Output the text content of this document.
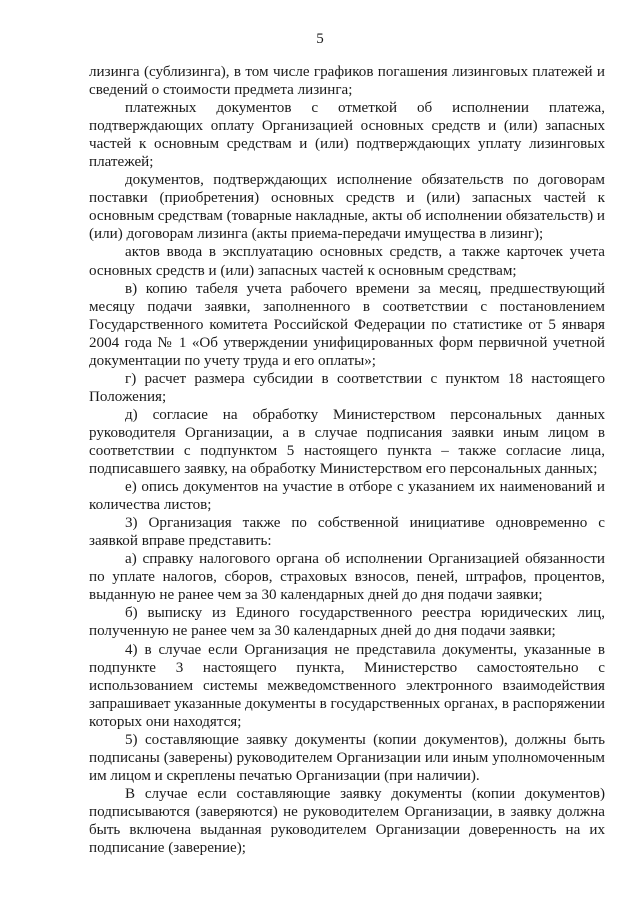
5

лизинга (сублизинга), в том числе графиков погашения лизинговых платежей и сведений о стоимости предмета лизинга;

платежных документов с отметкой об исполнении платежа, подтверждающих оплату Организацией основных средств и (или) запасных частей к основным средствам и (или) подтверждающих уплату лизинговых платежей;

документов, подтверждающих исполнение обязательств по договорам поставки (приобретения) основных средств и (или) запасных частей к основным средствам (товарные накладные, акты об исполнении обязательств) и (или) договорам лизинга (акты приема-передачи имущества в лизинг);

актов ввода в эксплуатацию основных средств, а также карточек учета основных средств и (или) запасных частей к основным средствам;

в) копию табеля учета рабочего времени за месяц, предшествующий месяцу подачи заявки, заполненного в соответствии с постановлением Государственного комитета Российской Федерации по статистике от 5 января 2004 года № 1 «Об утверждении унифицированных форм первичной учетной документации по учету труда и его оплаты»;

г) расчет размера субсидии в соответствии с пунктом 18 настоящего Положения;

д) согласие на обработку Министерством персональных данных руководителя Организации, а в случае подписания заявки иным лицом в соответствии с подпунктом 5 настоящего пункта – также согласие лица, подписавшего заявку, на обработку Министерством его персональных данных;

е) опись документов на участие в отборе с указанием их наименований и количества листов;

3) Организация также по собственной инициативе одновременно с заявкой вправе представить:

а) справку налогового органа об исполнении Организацией обязанности по уплате налогов, сборов, страховых взносов, пеней, штрафов, процентов, выданную не ранее чем за 30 календарных дней до дня подачи заявки;

б) выписку из Единого государственного реестра юридических лиц, полученную не ранее чем за 30 календарных дней до дня подачи заявки;

4) в случае если Организация не представила документы, указанные в подпункте 3 настоящего пункта, Министерство самостоятельно с использованием системы межведомственного электронного взаимодействия запрашивает указанные документы в государственных органах, в распоряжении которых они находятся;

5) составляющие заявку документы (копии документов), должны быть подписаны (заверены) руководителем Организации или иным уполномоченным им лицом и скреплены печатью Организации (при наличии).

В случае если составляющие заявку документы (копии документов) подписываются (заверяются) не руководителем Организации, в заявку должна быть включена выданная руководителем Организации доверенность на их подписание (заверение);
